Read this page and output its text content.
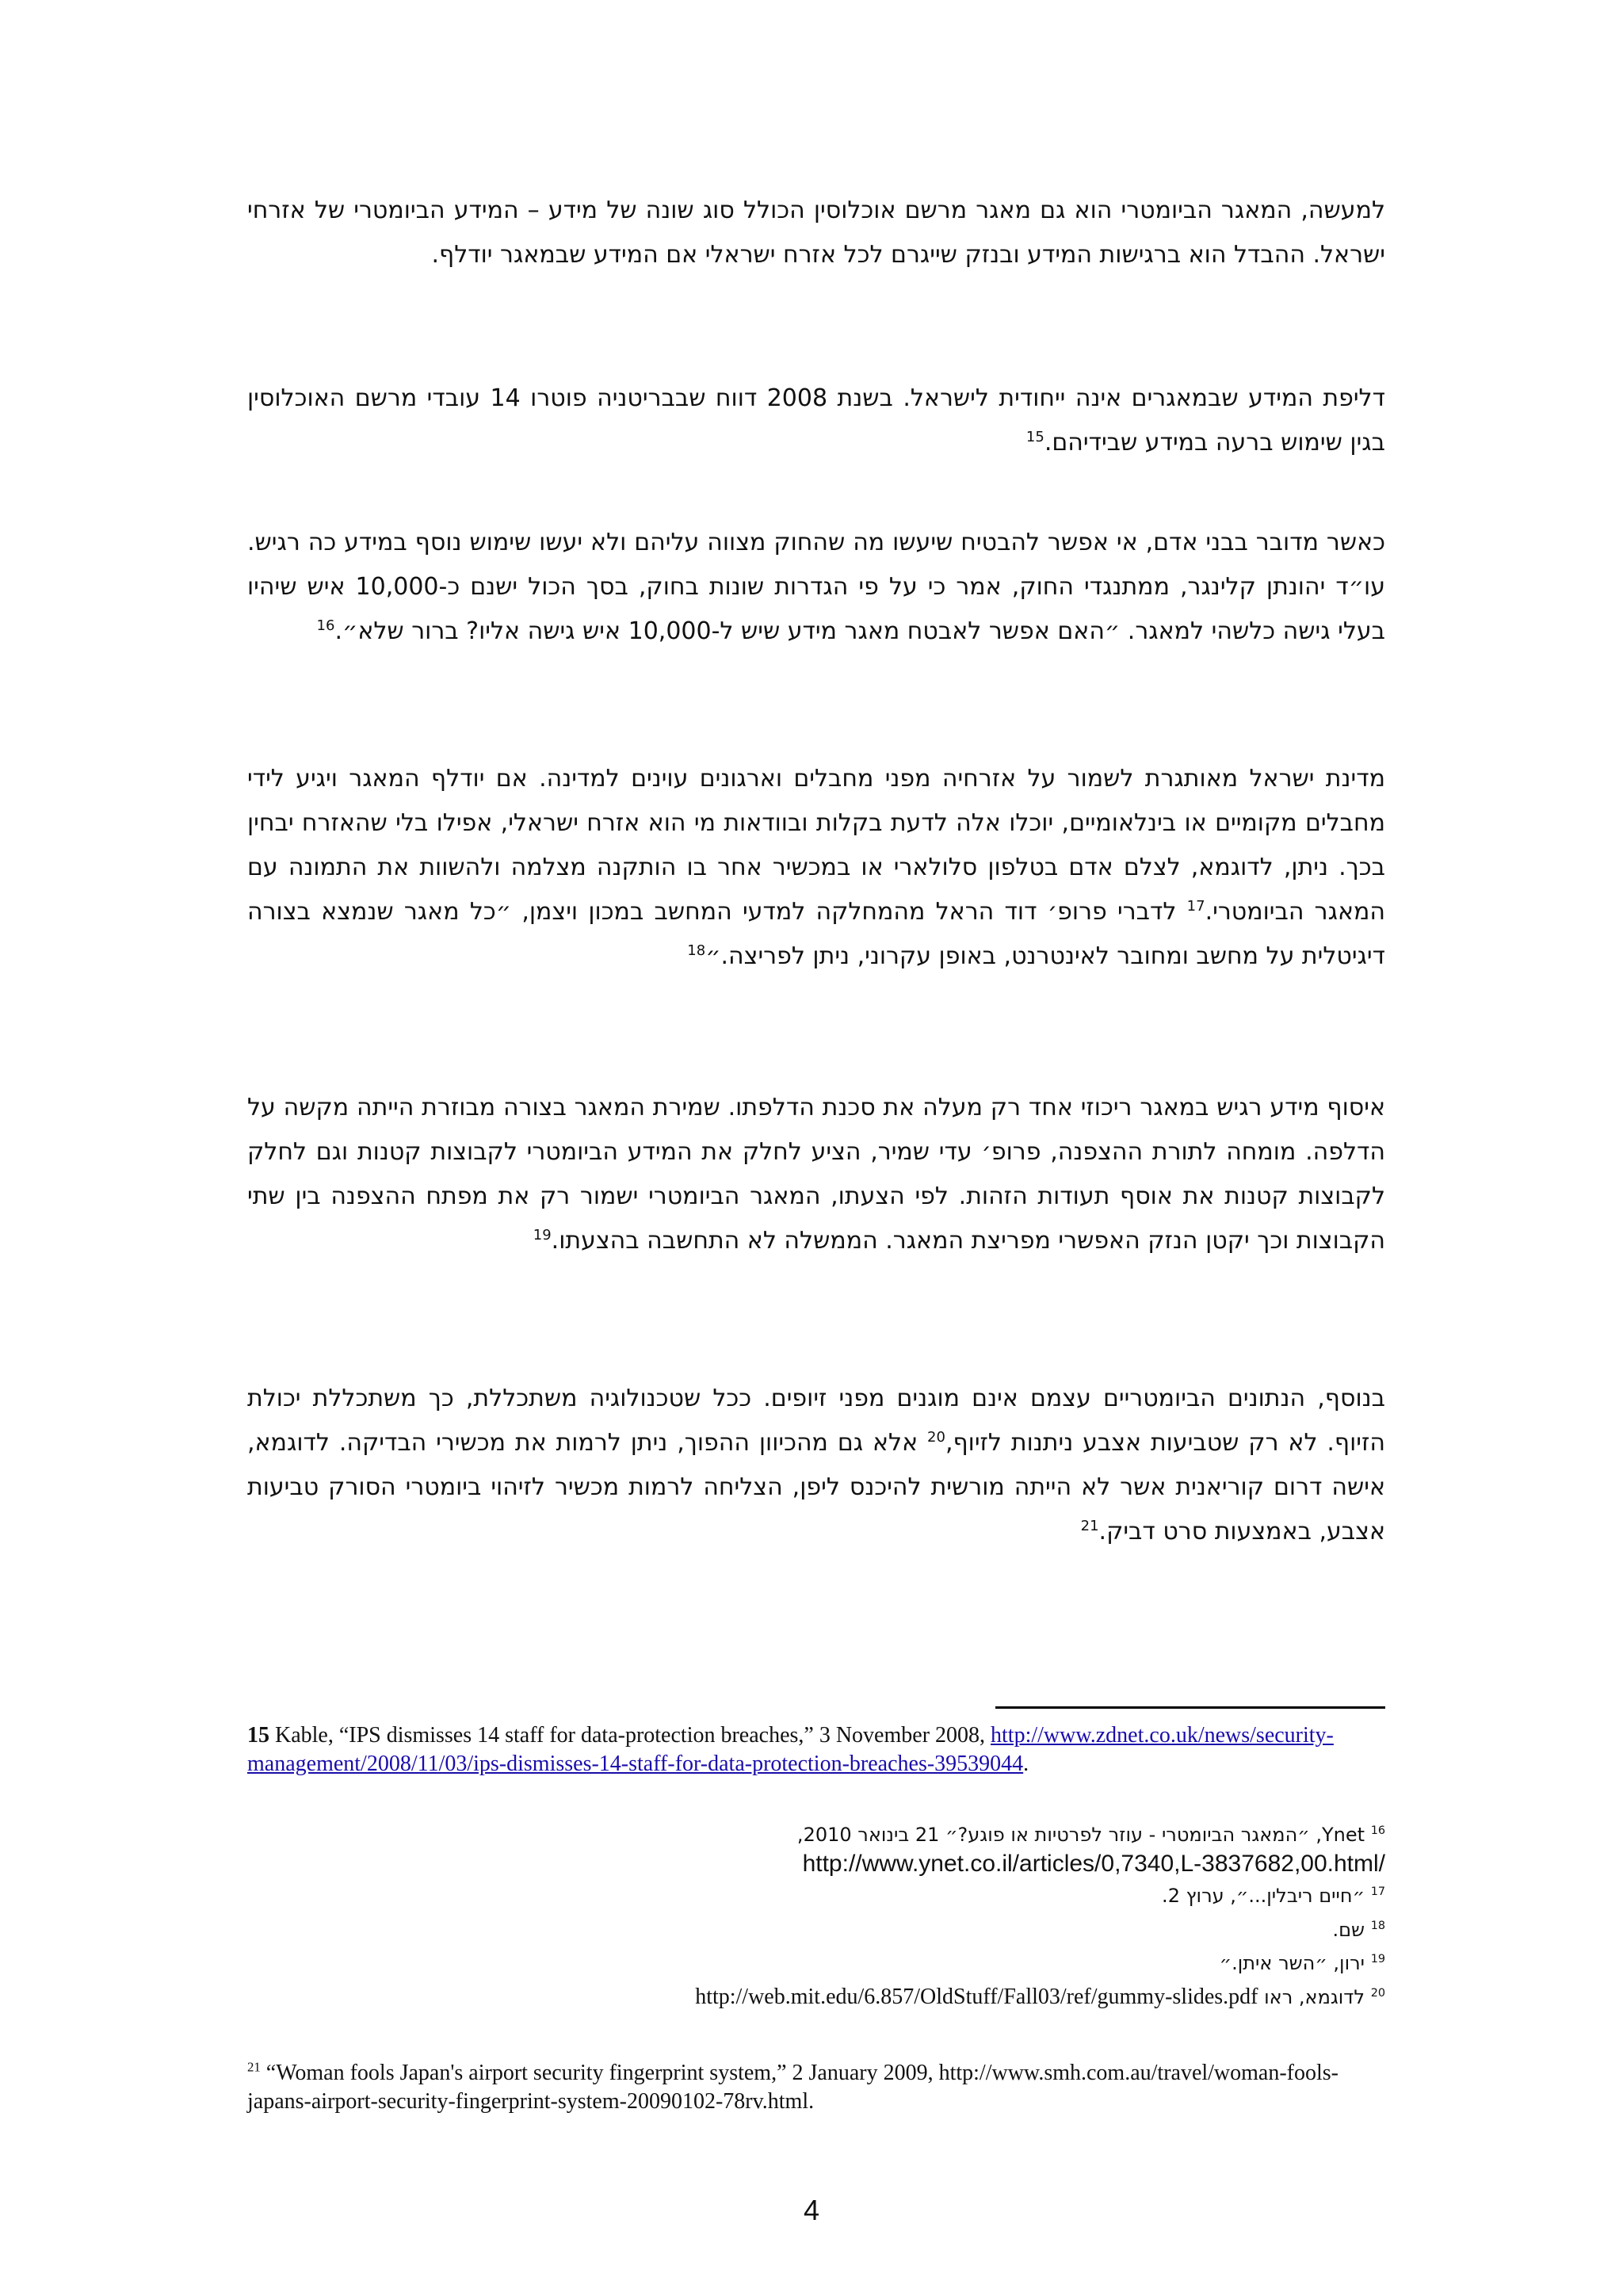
למעשה, המאגר הביומטרי הוא גם מאגר מרשם אוכלוסין הכולל סוג שונה של מידע – המידע הביומטרי של אזרחי ישראל. ההבדל הוא ברגישות המידע ובנזק שייגרם לכל אזרח ישראלי אם המידע שבמאגר יודלף.

דליפת המידע שבמאגרים אינה ייחודית לישראל. בשנת 2008 דווח שבבריטניה פוטרו 14 עובדי מרשם האוכלוסין בגין שימוש ברעה במידע שבידיהם.$^{15}$

כאשר מדובר בבני אדם, אי אפשר להבטיח שיעשו מה שהחוק מצווה עליהם ולא יעשו שימוש נוסף במידע כה רגיש. עו״ד יהונתן קלינגר, ממתנגדי החוק, אמר כי על פי הגדרות שונות בחוק, בסך הכול ישנם כ-10,000 איש שיהיו בעלי גישה כלשהי למאגר. ״האם אפשר לאבטח מאגר מידע שיש ל-10,000 איש גישה אליו? ברור שלא״.$^{16}$

מדינת ישראל מאותגרת לשמור על אזרחיה מפני מחבלים וארגונים עוינים למדינה. אם יודלף המאגר ויגיע לידי מחבלים מקומיים או בינלאומיים, יוכלו אלה לדעת בקלות ובוודאות מי הוא אזרח ישראלי, אפילו בלי שהאזרח יבחין בכך. ניתן, לדוגמא, לצלם אדם בטלפון סלולארי או במכשיר אחר בו הותקנה מצלמה ולהשוות את התמונה עם המאגר הביומטרי.$^{17}$ לדברי פרופ׳ דוד הראל מהמחלקה למדעי המחשב במכון ויצמן, ״כל מאגר שנמצא בצורה דיגיטלית על מחשב ומחובר לאינטרנט, באופן עקרוני, ניתן לפריצה.״$^{18}$

איסוף מידע רגיש במאגר ריכוזי אחד רק מעלה את סכנת הדלפתו. שמירת המאגר בצורה מבוזרת הייתה מקשה על הדלפה. מומחה לתורת ההצפנה, פרופ׳ עדי שמיר, הציע לחלק את המידע הביומטרי לקבוצות קטנות וגם לחלק לקבוצות קטנות את אוסף תעודות הזהות. לפי הצעתו, המאגר הביומטרי ישמור רק את מפתח ההצפנה בין שתי הקבוצות וכך יקטן הנזק האפשרי מפריצת המאגר. הממשלה לא התחשבה בהצעתו.$^{19}$

בנוסף, הנתונים הביומטריים עצמם אינם מוגנים מפני זיופים. ככל שטכנולוגיה משתכללת, כך משתכללת יכולת הזיוף. לא רק שטביעות אצבע ניתנות לזיוף,$^{20}$ אלא גם מהכיוון ההפוך, ניתן לרמות את מכשירי הבדיקה. לדוגמא, אישה דרום קוריאנית אשר לא הייתה מורשית להיכנס ליפן, הצליחה לרמות מכשיר לזיהוי ביומטרי הסורק טביעות אצבע, באמצעות סרט דביק.$^{21}$

15 Kable, “IPS dismisses 14 staff for data-protection breaches,” 3 November 2008, http://www.zdnet.co.uk/news/security-management/2008/11/03/ips-dismisses-14-staff-for-data-protection-breaches-39539044.
$^{16}$ Ynet, ״המאגר הביומטרי - עוזר לפרטיות או פוגע?״ 21 בינואר 2010,
http://www.ynet.co.il/articles/0,7340,L-3837682,00.html/
$^{17}$ ״חיים ריבלין...״, ערוץ 2.
$^{18}$ שם.
$^{19}$ ירון, ״השר איתן.״
$^{20}$ לדוגמא, ראו http://web.mit.edu/6.857/OldStuff/Fall03/ref/gummy-slides.pdf
$^{21}$ “Woman fools Japan's airport security fingerprint system,” 2 January 2009, http://www.smh.com.au/travel/woman-fools-japans-airport-security-fingerprint-system-20090102-78rv.html.
4
